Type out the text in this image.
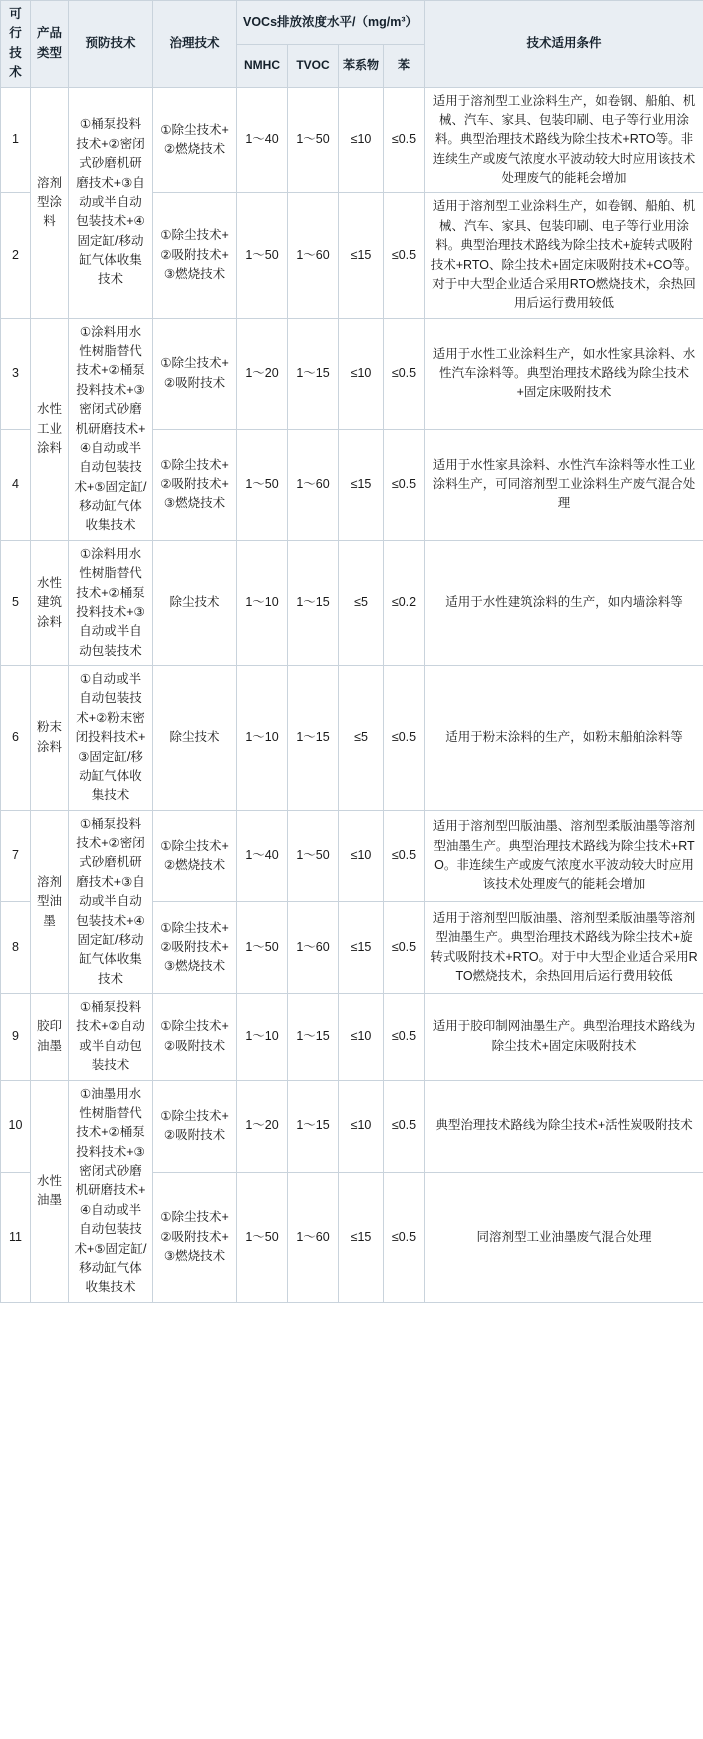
可行技术	产品类型	预防技术	治理技术	VOCs排放浓度水平/（mg/m³）				技术适用条件
				NMHC	TVOC	苯系物	苯	
1	溶剂型涂料	①桶泵投料技术+②密闭式砂磨机研磨技术+③自动或半自动包装技术+④固定缸/移动缸气体收集技术	①除尘技术+②燃烧技术	1～40	1～50	≤10	≤0.5	适用于溶剂型工业涂料生产，如卷钢、船舶、机械、汽车、家具、包装印刷、电子等行业用涂料。典型治理技术路线为除尘技术+RTO等。非连续生产或废气浓度水平波动较大时应用该技术处理废气的能耗会增加
2			①除尘技术+②吸附技术+③燃烧技术	1～50	1～60	≤15	≤0.5	适用于溶剂型工业涂料生产，如卷钢、船舶、机械、汽车、家具、包装印刷、电子等行业用涂料。典型治理技术路线为除尘技术+旋转式吸附技术+RTO、除尘技术+固定床吸附技术+CO等。对于中大型企业适合采用RTO燃烧技术，余热回用后运行费用较低
3	水性工业涂料	①涂料用水性树脂替代技术+②桶泵投料技术+③密闭式砂磨机研磨技术+④自动或半自动包装技术+⑤固定缸/移动缸气体收集技术	①除尘技术+②吸附技术	1～20	1～15	≤10	≤0.5	适用于水性工业涂料生产，如水性家具涂料、水性汽车涂料等。典型治理技术路线为除尘技术+固定床吸附技术
4			①除尘技术+②吸附技术+③燃烧技术	1～50	1～60	≤15	≤0.5	适用于水性家具涂料、水性汽车涂料等水性工业涂料生产，可同溶剂型工业涂料生产废气混合处理
5	水性建筑涂料	①涂料用水性树脂替代技术+②桶泵投料技术+③自动或半自动包装技术	除尘技术	1～10	1～15	≤5	≤0.2	适用于水性建筑涂料的生产，如内墙涂料等
6	粉末涂料	①自动或半自动包装技术+②粉末密闭投料技术+③固定缸/移动缸气体收集技术	除尘技术	1～10	1～15	≤5	≤0.5	适用于粉末涂料的生产，如粉末船舶涂料等
7	溶剂型油墨	①桶泵投料技术+②密闭式砂磨机研磨技术+③自动或半自动包装技术+④固定缸/移动缸气体收集技术	①除尘技术+②燃烧技术	1～40	1～50	≤10	≤0.5	适用于溶剂型凹版油墨、溶剂型柔版油墨等溶剂型油墨生产。典型治理技术路线为除尘技术+RTO。非连续生产或废气浓度水平波动较大时应用该技术处理废气的能耗会增加
8			①除尘技术+②吸附技术+③燃烧技术	1～50	1～60	≤15	≤0.5	适用于溶剂型凹版油墨、溶剂型柔版油墨等溶剂型油墨生产。典型治理技术路线为除尘技术+旋转式吸附技术+RTO。对于中大型企业适合采用RTO燃烧技术，余热回用后运行费用较低
9	胶印油墨	①桶泵投料技术+②自动或半自动包装技术	①除尘技术+②吸附技术	1～10	1～15	≤10	≤0.5	适用于胶印制网油墨生产。典型治理技术路线为除尘技术+固定床吸附技术
10	水性油墨	①油墨用水性树脂替代技术+②桶泵投料技术+③密闭式砂磨机研磨技术+④自动或半自动包装技术+⑤固定缸/移动缸气体收集技术	①除尘技术+②吸附技术	1～20	1～15	≤10	≤0.5	典型治理技术路线为除尘技术+活性炭吸附技术
11			①除尘技术+②吸附技术+③燃烧技术	1～50	1～60	≤15	≤0.5	同溶剂型工业油墨废气混合处理
